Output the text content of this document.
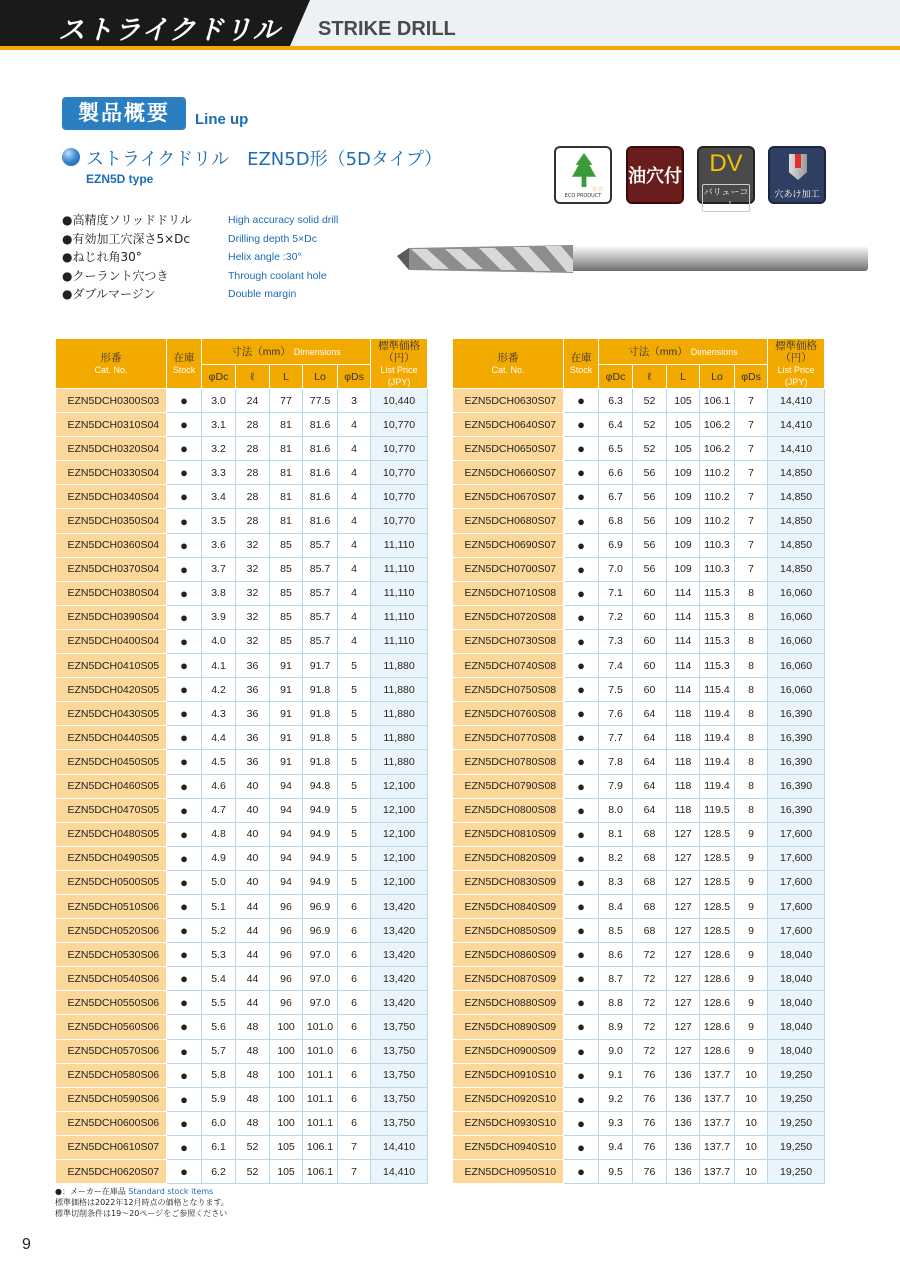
ストライクドリル STRIKE DRILL
製品概要	Line up
ストライクドリル　EZN5D形（5Dタイプ）
EZN5D type
☆☆
ECO PRODUCT
油穴付	DV
バリューコート
穴あけ加工
●高精度ソリッドドリル
●有効加工穴深さ5×Dc
●ねじれ角30°
●クーラント穴つき
●ダブルマージン
High accuracy solid drill
Drilling depth 5×Dc
Helix angle :30°
Through coolant hole
Double margin
形番
Cat. No.	在庫
Stock	寸法（mm） Dimensions					標準価格（円）
List Price (JPY)
		φDc	ℓ	L	Lo	φDs	
EZN5DCH0300S03	●	3.0	24	77	77.5	3	10,440
EZN5DCH0310S04	●	3.1	28	81	81.6	4	10,770
EZN5DCH0320S04	●	3.2	28	81	81.6	4	10,770
EZN5DCH0330S04	●	3.3	28	81	81.6	4	10,770
EZN5DCH0340S04	●	3.4	28	81	81.6	4	10,770
EZN5DCH0350S04	●	3.5	28	81	81.6	4	10,770
EZN5DCH0360S04	●	3.6	32	85	85.7	4	11,110
EZN5DCH0370S04	●	3.7	32	85	85.7	4	11,110
EZN5DCH0380S04	●	3.8	32	85	85.7	4	11,110
EZN5DCH0390S04	●	3.9	32	85	85.7	4	11,110
EZN5DCH0400S04	●	4.0	32	85	85.7	4	11,110
EZN5DCH0410S05	●	4.1	36	91	91.7	5	11,880
EZN5DCH0420S05	●	4.2	36	91	91.8	5	11,880
EZN5DCH0430S05	●	4.3	36	91	91.8	5	11,880
EZN5DCH0440S05	●	4.4	36	91	91.8	5	11,880
EZN5DCH0450S05	●	4.5	36	91	91.8	5	11,880
EZN5DCH0460S05	●	4.6	40	94	94.8	5	12,100
EZN5DCH0470S05	●	4.7	40	94	94.9	5	12,100
EZN5DCH0480S05	●	4.8	40	94	94.9	5	12,100
EZN5DCH0490S05	●	4.9	40	94	94.9	5	12,100
EZN5DCH0500S05	●	5.0	40	94	94.9	5	12,100
EZN5DCH0510S06	●	5.1	44	96	96.9	6	13,420
EZN5DCH0520S06	●	5.2	44	96	96.9	6	13,420
EZN5DCH0530S06	●	5.3	44	96	97.0	6	13,420
EZN5DCH0540S06	●	5.4	44	96	97.0	6	13,420
EZN5DCH0550S06	●	5.5	44	96	97.0	6	13,420
EZN5DCH0560S06	●	5.6	48	100	101.0	6	13,750
EZN5DCH0570S06	●	5.7	48	100	101.0	6	13,750
EZN5DCH0580S06	●	5.8	48	100	101.1	6	13,750
EZN5DCH0590S06	●	5.9	48	100	101.1	6	13,750
EZN5DCH0600S06	●	6.0	48	100	101.1	6	13,750
EZN5DCH0610S07	●	6.1	52	105	106.1	7	14,410
EZN5DCH0620S07	●	6.2	52	105	106.1	7	14,410
形番
Cat. No.	在庫
Stock	寸法（mm） Dimensions					標準価格（円）
List Price (JPY)
		φDc	ℓ	L	Lo	φDs	
EZN5DCH0630S07	●	6.3	52	105	106.1	7	14,410
EZN5DCH0640S07	●	6.4	52	105	106.2	7	14,410
EZN5DCH0650S07	●	6.5	52	105	106.2	7	14,410
EZN5DCH0660S07	●	6.6	56	109	110.2	7	14,850
EZN5DCH0670S07	●	6.7	56	109	110.2	7	14,850
EZN5DCH0680S07	●	6.8	56	109	110.2	7	14,850
EZN5DCH0690S07	●	6.9	56	109	110.3	7	14,850
EZN5DCH0700S07	●	7.0	56	109	110.3	7	14,850
EZN5DCH0710S08	●	7.1	60	114	115.3	8	16,060
EZN5DCH0720S08	●	7.2	60	114	115.3	8	16,060
EZN5DCH0730S08	●	7.3	60	114	115.3	8	16,060
EZN5DCH0740S08	●	7.4	60	114	115.3	8	16,060
EZN5DCH0750S08	●	7.5	60	114	115.4	8	16,060
EZN5DCH0760S08	●	7.6	64	118	119.4	8	16,390
EZN5DCH0770S08	●	7.7	64	118	119.4	8	16,390
EZN5DCH0780S08	●	7.8	64	118	119.4	8	16,390
EZN5DCH0790S08	●	7.9	64	118	119.4	8	16,390
EZN5DCH0800S08	●	8.0	64	118	119.5	8	16,390
EZN5DCH0810S09	●	8.1	68	127	128.5	9	17,600
EZN5DCH0820S09	●	8.2	68	127	128.5	9	17,600
EZN5DCH0830S09	●	8.3	68	127	128.5	9	17,600
EZN5DCH0840S09	●	8.4	68	127	128.5	9	17,600
EZN5DCH0850S09	●	8.5	68	127	128.5	9	17,600
EZN5DCH0860S09	●	8.6	72	127	128.6	9	18,040
EZN5DCH0870S09	●	8.7	72	127	128.6	9	18,040
EZN5DCH0880S09	●	8.8	72	127	128.6	9	18,040
EZN5DCH0890S09	●	8.9	72	127	128.6	9	18,040
EZN5DCH0900S09	●	9.0	72	127	128.6	9	18,040
EZN5DCH0910S10	●	9.1	76	136	137.7	10	19,250
EZN5DCH0920S10	●	9.2	76	136	137.7	10	19,250
EZN5DCH0930S10	●	9.3	76	136	137.7	10	19,250
EZN5DCH0940S10	●	9.4	76	136	137.7	10	19,250
EZN5DCH0950S10	●	9.5	76	136	137.7	10	19,250
●：メーカー在庫品 Standard stock items
標準価格は2022年12月時点の価格となります。
標準切削条件は19～20ページをご参照ください
9
